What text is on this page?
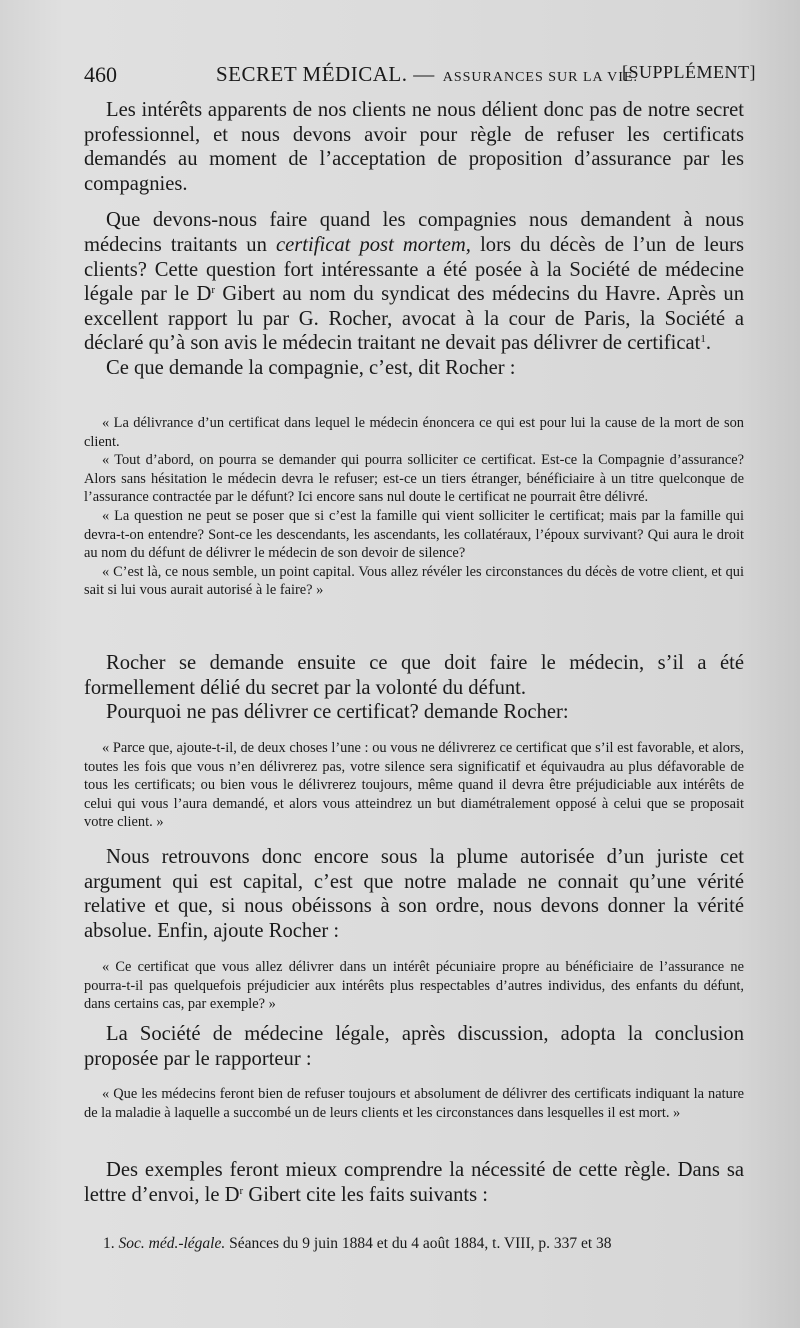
460	SECRET MÉDICAL. — ASSURANCES SUR LA VIE.
[SUPPLÉMENT]

Les intérêts apparents de nos clients ne nous délient donc pas de notre secret professionnel, et nous devons avoir pour règle de refuser les certificats demandés au moment de l’acceptation de proposition d’assurance par les compagnies.

Que devons-nous faire quand les compagnies nous demandent à nous médecins traitants un certificat post mortem, lors du décès de l’un de leurs clients? Cette question fort intéressante a été posée à la Société de médecine légale par le $D^r$ Gibert au nom du syndicat des médecins du Havre. Après un excellent rapport lu par G. Rocher, avocat à la cour de Paris, la Société a déclaré qu’à son avis le médecin traitant ne devait pas délivrer de certificat$^1$.

Ce que demande la compagnie, c’est, dit Rocher :

« La délivrance d’un certificat dans lequel le médecin énoncera ce qui est pour lui la cause de la mort de son client.

« Tout d’abord, on pourra se demander qui pourra solliciter ce certificat. Est-ce la Compagnie d’assurance? Alors sans hésitation le médecin devra le refuser; est-ce un tiers étranger, bénéficiaire à un titre quelconque de l’assurance contractée par le défunt? Ici encore sans nul doute le certificat ne pourrait être délivré.

« La question ne peut se poser que si c’est la famille qui vient solliciter le certificat; mais par la famille qui devra-t-on entendre? Sont-ce les descendants, les ascendants, les collatéraux, l’époux survivant? Qui aura le droit au nom du défunt de délivrer le médecin de son devoir de silence?

« C’est là, ce nous semble, un point capital. Vous allez révéler les circonstances du décès de votre client, et qui sait si lui vous aurait autorisé à le faire? »

Rocher se demande ensuite ce que doit faire le médecin, s’il a été formellement délié du secret par la volonté du défunt.

Pourquoi ne pas délivrer ce certificat? demande Rocher:

« Parce que, ajoute-t-il, de deux choses l’une : ou vous ne délivrerez ce certificat que s’il est favorable, et alors, toutes les fois que vous n’en délivrerez pas, votre silence sera significatif et équivaudra au plus défavorable de tous les certificats; ou bien vous le délivrerez toujours, même quand il devra être préjudiciable aux intérêts de celui qui vous l’aura demandé, et alors vous atteindrez un but diamétralement opposé à celui que se proposait votre client. »

Nous retrouvons donc encore sous la plume autorisée d’un juriste cet argument qui est capital, c’est que notre malade ne connait qu’une vérité relative et que, si nous obéissons à son ordre, nous devons donner la vérité absolue. Enfin, ajoute Rocher :

« Ce certificat que vous allez délivrer dans un intérêt pécuniaire propre au bénéficiaire de l’assurance ne pourra-t-il pas quelquefois préjudicier aux intérêts plus respectables d’autres individus, des enfants du défunt, dans certains cas, par exemple? »

La Société de médecine légale, après discussion, adopta la conclusion proposée par le rapporteur :

« Que les médecins feront bien de refuser toujours et absolument de délivrer des certificats indiquant la nature de la maladie à laquelle a succombé un de leurs clients et les circonstances dans lesquelles il est mort. »

Des exemples feront mieux comprendre la nécessité de cette règle. Dans sa lettre d’envoi, le $D^r$ Gibert cite les faits suivants :

1. Soc. méd.-légale. Séances du 9 juin 1884 et du 4 août 1884, t. VIII, p. 337 et 38
